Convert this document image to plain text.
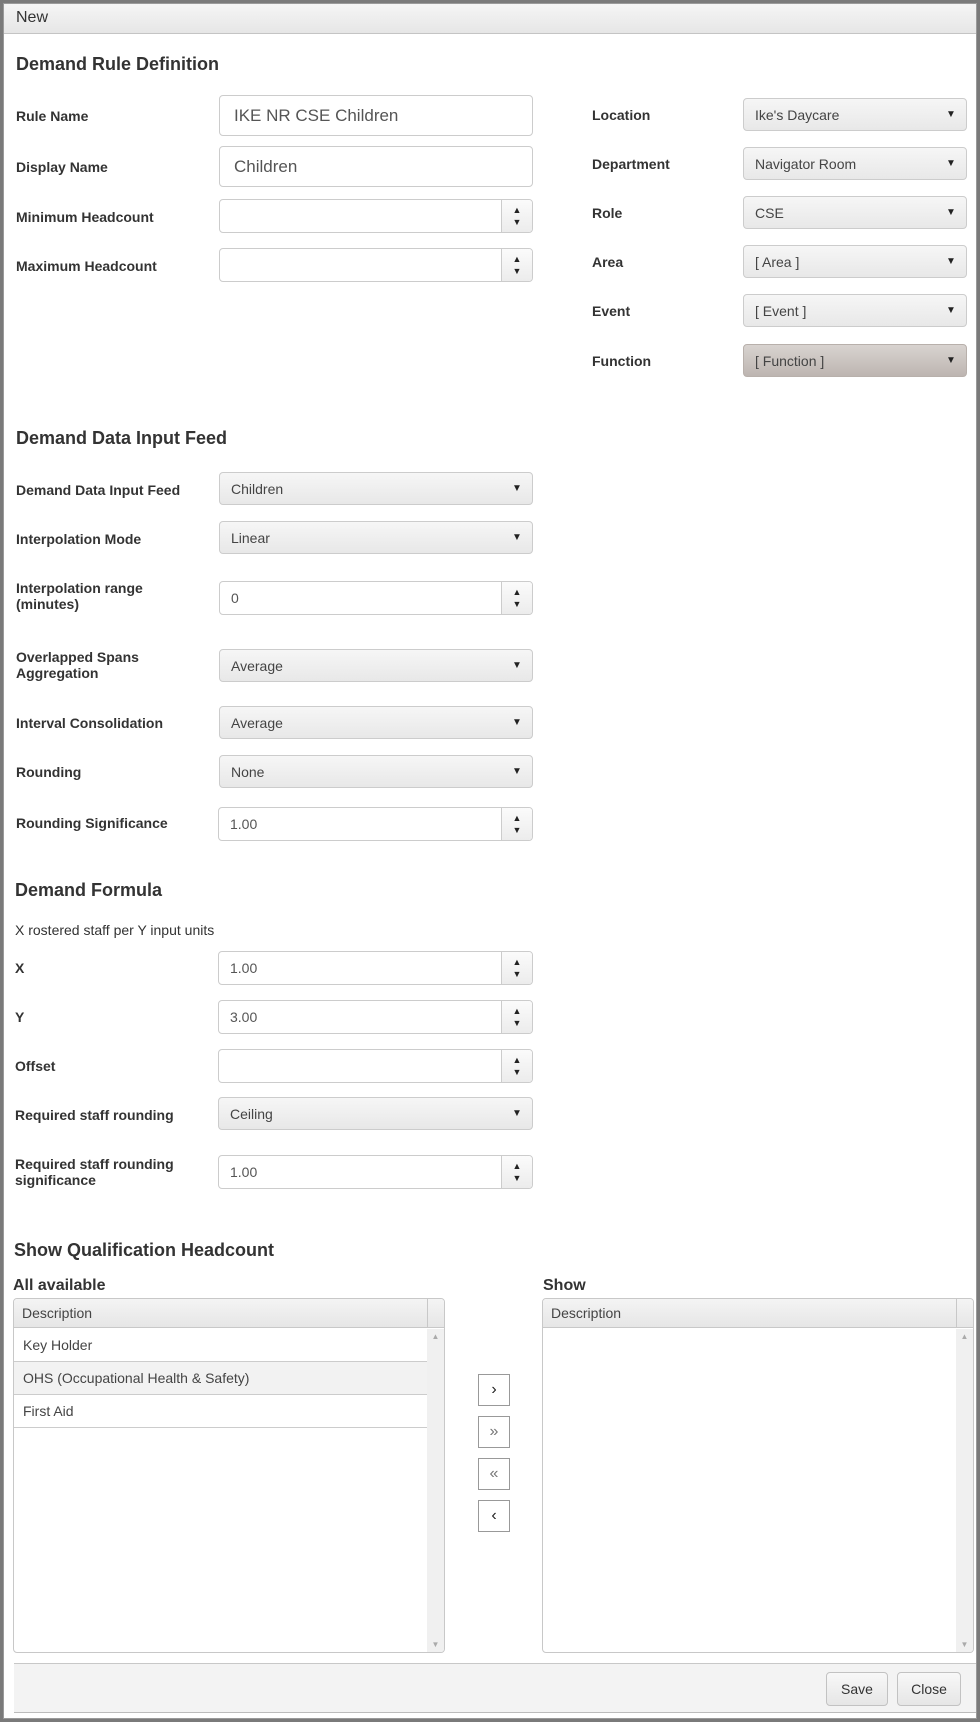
New
Demand Rule Definition
Rule Name	IKE NR CSE Children
Display Name	Children
Minimum Headcount	▲
▼
Maximum Headcount	▲
▼
Location	Ike's Daycare	▼
Department	Navigator Room	▼
Role	CSE	▼
Area	[ Area ]	▼
Event	[ Event ]	▼
Function	[ Function ]	▼
Demand Data Input Feed
Demand Data Input Feed	Children	▼
Interpolation Mode	Linear	▼
Interpolation range
(minutes)	0	▲
▼
Overlapped Spans
Aggregation	Average	▼
Interval Consolidation	Average	▼
Rounding	None	▼
Rounding Significance	1.00	▲
▼
Demand Formula
X rostered staff per Y input units
X	1.00	▲
▼
Y	3.00	▲
▼
Offset	▲
▼
Required staff rounding	Ceiling	▼
Required staff rounding
significance	1.00	▲
▼
Show Qualification Headcount
All available
Description
Key Holder
OHS (Occupational Health & Safety)
First Aid
▲
▼
›
»
«
‹
Show
Description
▲
▼
Save	Close
